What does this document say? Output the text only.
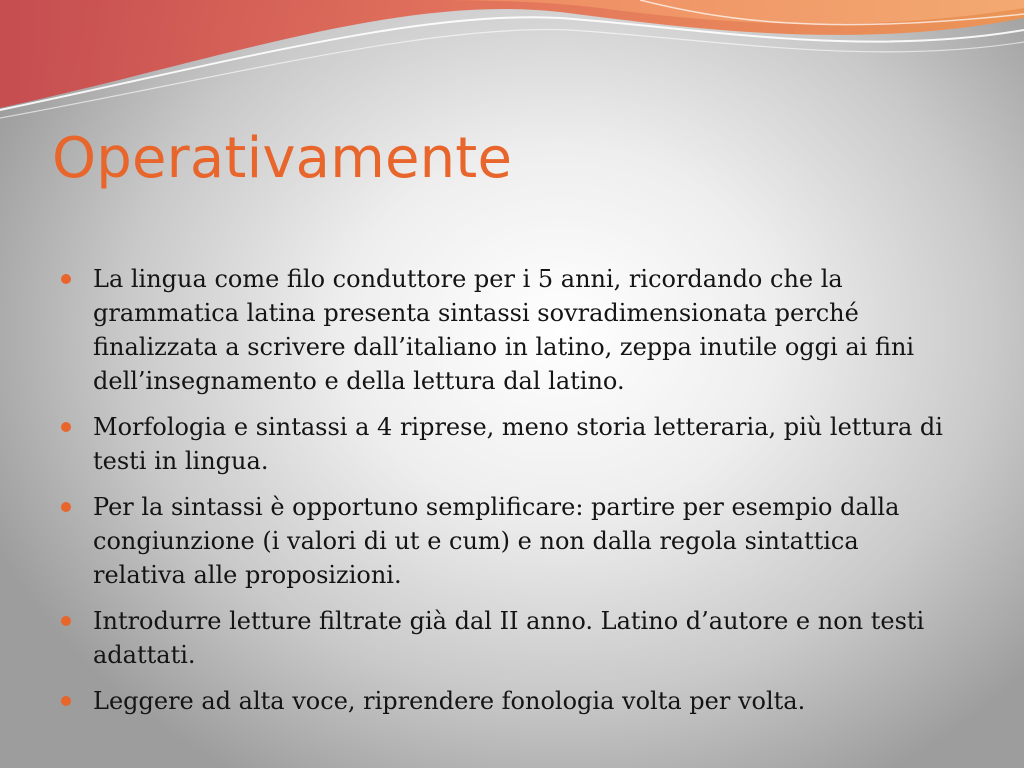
Operativamente
La lingua come filo conduttore per i 5 anni, ricordando che la grammatica latina presenta sintassi sovradimensionata perché finalizzata a scrivere dall’italiano in latino, zeppa inutile oggi ai fini dell’insegnamento e della lettura dal latino.
Morfologia e sintassi a 4 riprese, meno storia letteraria, più lettura di testi in lingua.
Per la sintassi è opportuno semplificare: partire per esempio dalla congiunzione (i valori di ut e cum) e non dalla regola sintattica relativa alle proposizioni.
Introdurre letture filtrate già dal II anno. Latino d’autore e non testi adattati.
Leggere ad alta voce, riprendere fonologia volta per volta.
